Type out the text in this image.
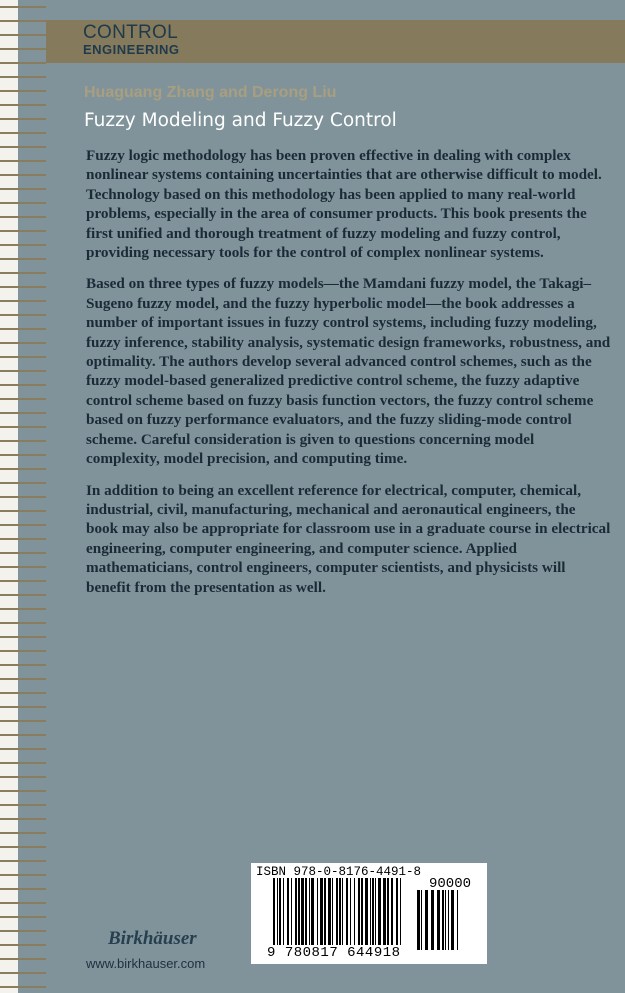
CONTROL
ENGINEERING
Huaguang Zhang and Derong Liu
Fuzzy Modeling and Fuzzy Control

Fuzzy logic methodology has been proven effective in dealing with complex nonlinear systems containing uncertainties that are otherwise difficult to model. Technology based on this methodology has been applied to many real-world problems, especially in the area of consumer products. This book presents the first unified and thorough treatment of fuzzy modeling and fuzzy control, providing necessary tools for the control of complex nonlinear systems.

Based on three types of fuzzy models—the Mamdani fuzzy model, the Takagi–Sugeno fuzzy model, and the fuzzy hyperbolic model—the book addresses a number of important issues in fuzzy control systems, including fuzzy modeling, fuzzy inference, stability analysis, systematic design frameworks, robustness, and optimality. The authors develop several advanced control schemes, such as the fuzzy model-based generalized predictive control scheme, the fuzzy adaptive control scheme based on fuzzy basis function vectors, the fuzzy control scheme based on fuzzy performance evaluators, and the fuzzy sliding-mode control scheme. Careful consideration is given to questions concerning model complexity, model precision, and computing time.

In addition to being an excellent reference for electrical, computer, chemical, industrial, civil, manufacturing, mechanical and aeronautical engineers, the book may also be appropriate for classroom use in a graduate course in electrical engineering, computer engineering, and computer science. Applied mathematicians, control engineers, computer scientists, and physicists will benefit from the presentation as well.

Birkhäuser
www.birkhauser.com
ISBN 978-0-8176-4491-8
90000
9 780817 644918
